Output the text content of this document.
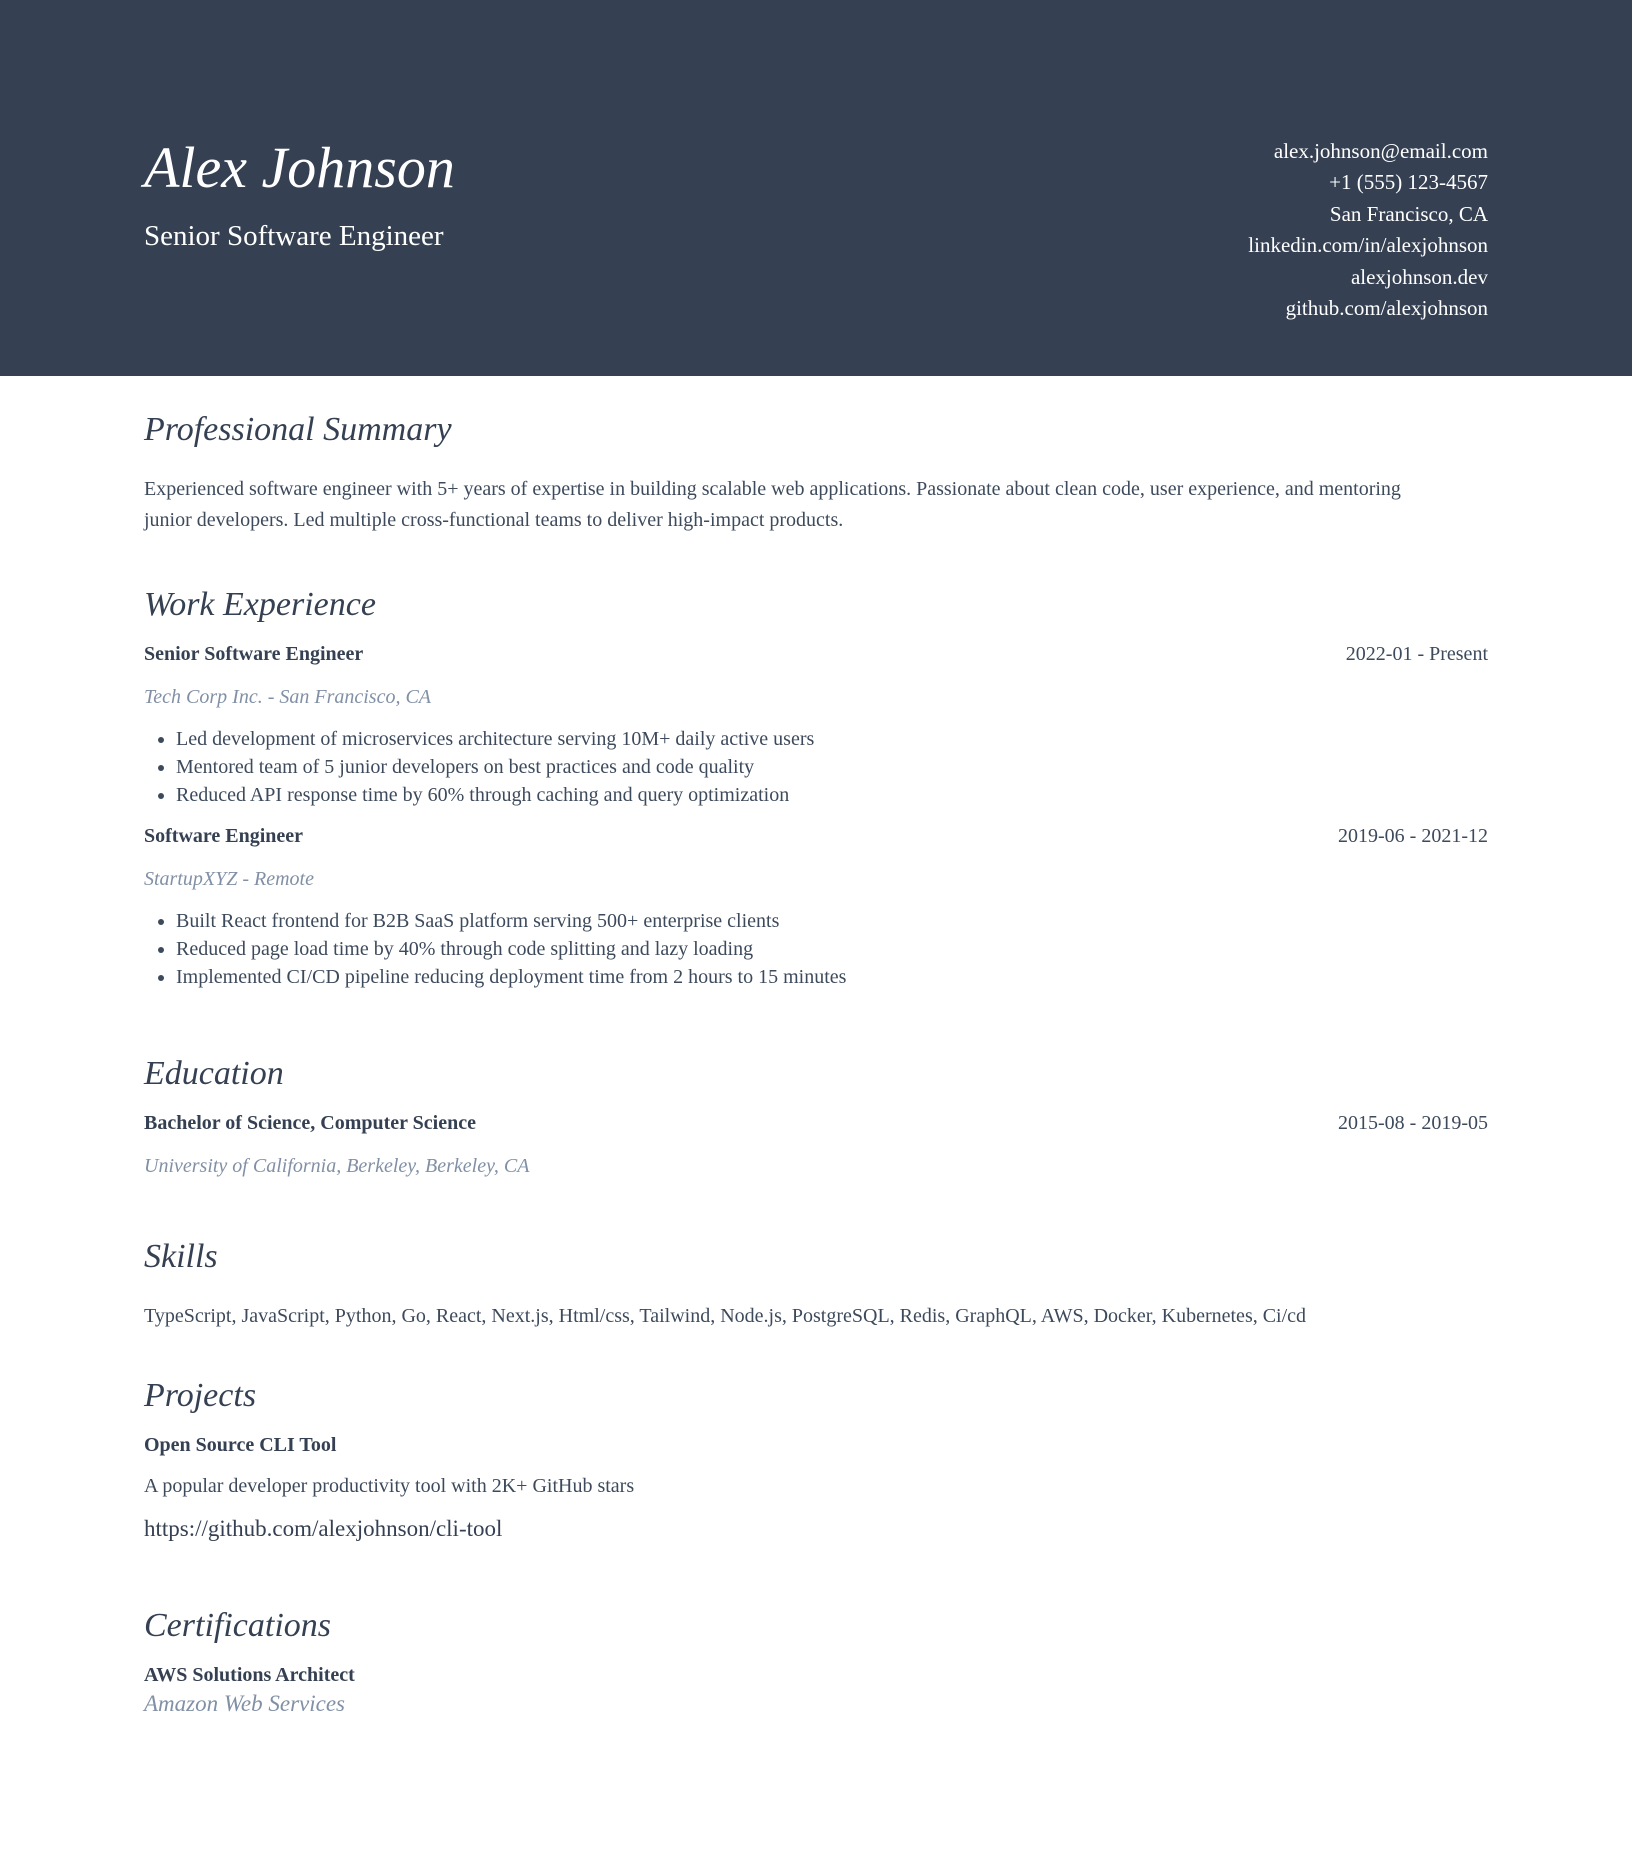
Alex Johnson
Senior Software Engineer
alex.johnson@email.com
+1 (555) 123-4567
San Francisco, CA
linkedin.com/in/alexjohnson
alexjohnson.dev
github.com/alexjohnson
Professional Summary
Experienced software engineer with 5+ years of expertise in building scalable web applications. Passionate about clean code, user experience, and mentoring junior developers. Led multiple cross-functional teams to deliver high-impact products.
Work Experience
Senior Software Engineer	2022-01 - Present
Tech Corp Inc. - San Francisco, CA
• Led development of microservices architecture serving 10M+ daily active users
• Mentored team of 5 junior developers on best practices and code quality
• Reduced API response time by 60% through caching and query optimization
Software Engineer	2019-06 - 2021-12
StartupXYZ - Remote
• Built React frontend for B2B SaaS platform serving 500+ enterprise clients
• Reduced page load time by 40% through code splitting and lazy loading
• Implemented CI/CD pipeline reducing deployment time from 2 hours to 15 minutes
Education
Bachelor of Science, Computer Science	2015-08 - 2019-05
University of California, Berkeley, Berkeley, CA
Skills
TypeScript, JavaScript, Python, Go, React, Next.js, Html/css, Tailwind, Node.js, PostgreSQL, Redis, GraphQL, AWS, Docker, Kubernetes, Ci/cd
Projects
Open Source CLI Tool
A popular developer productivity tool with 2K+ GitHub stars
https://github.com/alexjohnson/cli-tool
Certifications
AWS Solutions Architect
Amazon Web Services
